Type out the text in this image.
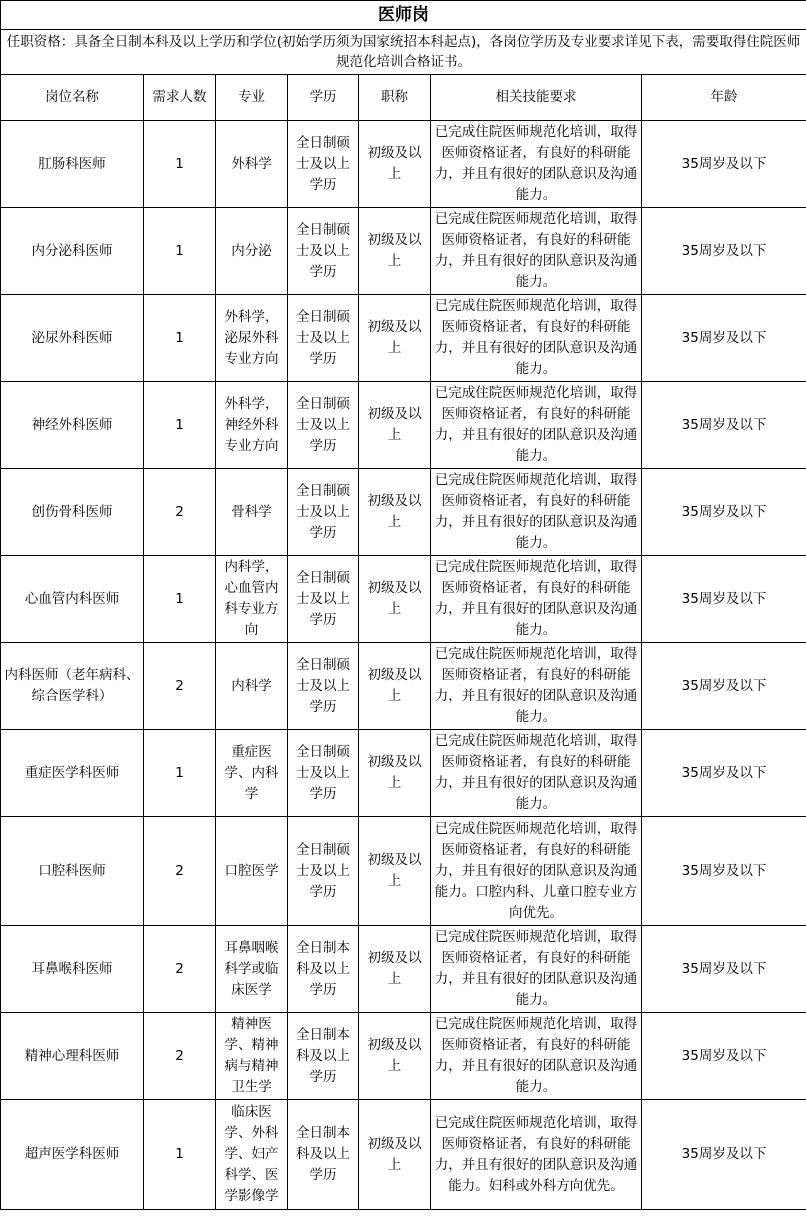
医师岗						
任职资格：具备全日制本科及以上学历和学位(初始学历须为国家统招本科起点)，各岗位学历及专业要求详见下表，需要取得住院医师规范化培训合格证书。						
岗位名称	需求人数	专业	学历	职称	相关技能要求	年龄
肛肠科医师	1	外科学	全日制硕士及以上学历	初级及以上	已完成住院医师规范化培训，取得医师资格证者，有良好的科研能力，并且有很好的团队意识及沟通能力。	35周岁及以下
内分泌科医师	1	内分泌	全日制硕士及以上学历	初级及以上	已完成住院医师规范化培训，取得医师资格证者，有良好的科研能力，并且有很好的团队意识及沟通能力。	35周岁及以下
泌尿外科医师	1	外科学，泌尿外科专业方向	全日制硕士及以上学历	初级及以上	已完成住院医师规范化培训，取得医师资格证者，有良好的科研能力，并且有很好的团队意识及沟通能力。	35周岁及以下
神经外科医师	1	外科学，神经外科专业方向	全日制硕士及以上学历	初级及以上	已完成住院医师规范化培训，取得医师资格证者，有良好的科研能力，并且有很好的团队意识及沟通能力。	35周岁及以下
创伤骨科医师	2	骨科学	全日制硕士及以上学历	初级及以上	已完成住院医师规范化培训，取得医师资格证者，有良好的科研能力，并且有很好的团队意识及沟通能力。	35周岁及以下
心血管内科医师	1	内科学，心血管内科专业方向	全日制硕士及以上学历	初级及以上	已完成住院医师规范化培训，取得医师资格证者，有良好的科研能力，并且有很好的团队意识及沟通能力。	35周岁及以下
内科医师（老年病科、综合医学科）	2	内科学	全日制硕士及以上学历	初级及以上	已完成住院医师规范化培训，取得医师资格证者，有良好的科研能力，并且有很好的团队意识及沟通能力。	35周岁及以下
重症医学科医师	1	重症医学、内科学	全日制硕士及以上学历	初级及以上	已完成住院医师规范化培训，取得医师资格证者，有良好的科研能力，并且有很好的团队意识及沟通能力。	35周岁及以下
口腔科医师	2	口腔医学	全日制硕士及以上学历	初级及以上	已完成住院医师规范化培训，取得医师资格证者，有良好的科研能力，并且有很好的团队意识及沟通能力。口腔内科、儿童口腔专业方向优先。	35周岁及以下
耳鼻喉科医师	2	耳鼻咽喉科学或临床医学	全日制本科及以上学历	初级及以上	已完成住院医师规范化培训，取得医师资格证者，有良好的科研能力，并且有很好的团队意识及沟通能力。	35周岁及以下
精神心理科医师	2	精神医学、精神病与精神卫生学	全日制本科及以上学历	初级及以上	已完成住院医师规范化培训，取得医师资格证者，有良好的科研能力，并且有很好的团队意识及沟通能力。	35周岁及以下
超声医学科医师	1	临床医学、外科学、妇产科学、医学影像学	全日制本科及以上学历	初级及以上	已完成住院医师规范化培训，取得医师资格证者，有良好的科研能力，并且有很好的团队意识及沟通能力。妇科或外科方向优先。	35周岁及以下
